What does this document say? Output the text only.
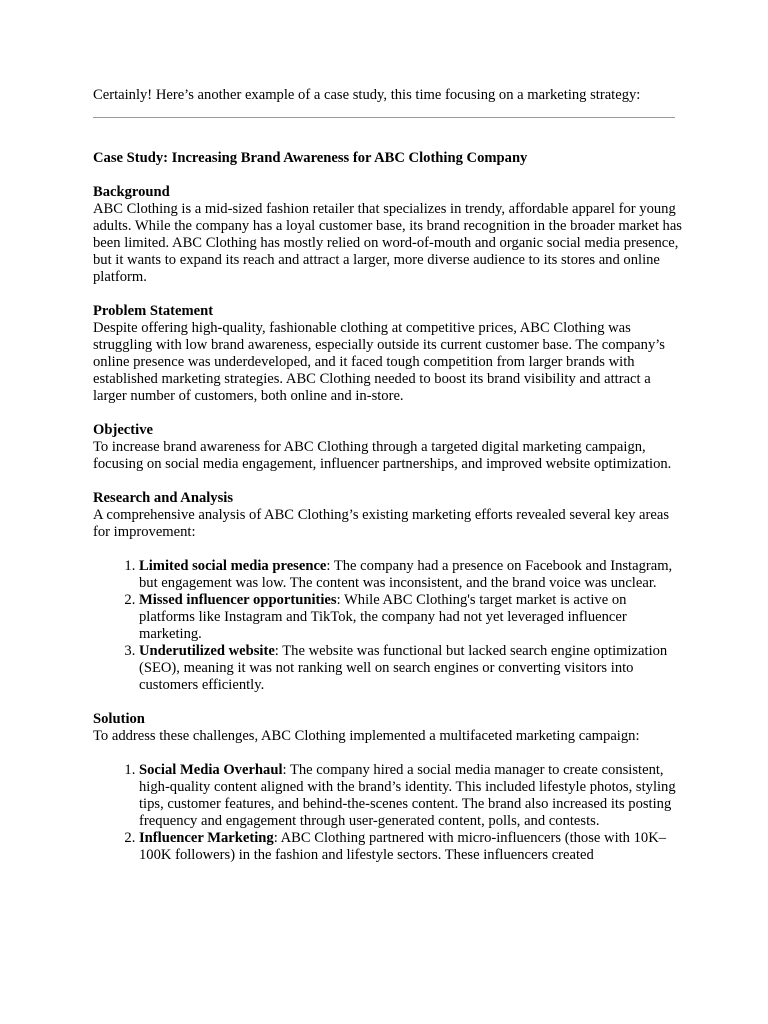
Certainly! Here’s another example of a case study, this time focusing on a marketing strategy:

Case Study: Increasing Brand Awareness for ABC Clothing Company

Background

ABC Clothing is a mid-sized fashion retailer that specializes in trendy, affordable apparel for young adults. While the company has a loyal customer base, its brand recognition in the broader market has been limited. ABC Clothing has mostly relied on word-of-mouth and organic social media presence, but it wants to expand its reach and attract a larger, more diverse audience to its stores and online platform.

Problem Statement

Despite offering high-quality, fashionable clothing at competitive prices, ABC Clothing was struggling with low brand awareness, especially outside its current customer base. The company’s online presence was underdeveloped, and it faced tough competition from larger brands with established marketing strategies. ABC Clothing needed to boost its brand visibility and attract a larger number of customers, both online and in-store.

Objective

To increase brand awareness for ABC Clothing through a targeted digital marketing campaign, focusing on social media engagement, influencer partnerships, and improved website optimization.

Research and Analysis

A comprehensive analysis of ABC Clothing’s existing marketing efforts revealed several key areas for improvement:

1. Limited social media presence: The company had a presence on Facebook and Instagram, but engagement was low. The content was inconsistent, and the brand voice was unclear.
2. Missed influencer opportunities: While ABC Clothing's target market is active on platforms like Instagram and TikTok, the company had not yet leveraged influencer marketing.
3. Underutilized website: The website was functional but lacked search engine optimization (SEO), meaning it was not ranking well on search engines or converting visitors into customers efficiently.
Solution

To address these challenges, ABC Clothing implemented a multifaceted marketing campaign:

1. Social Media Overhaul: The company hired a social media manager to create consistent, high-quality content aligned with the brand’s identity. This included lifestyle photos, styling tips, customer features, and behind-the-scenes content. The brand also increased its posting frequency and engagement through user-generated content, polls, and contests.
2. Influencer Marketing: ABC Clothing partnered with micro-influencers (those with 10K–100K followers) in the fashion and lifestyle sectors. These influencers created
